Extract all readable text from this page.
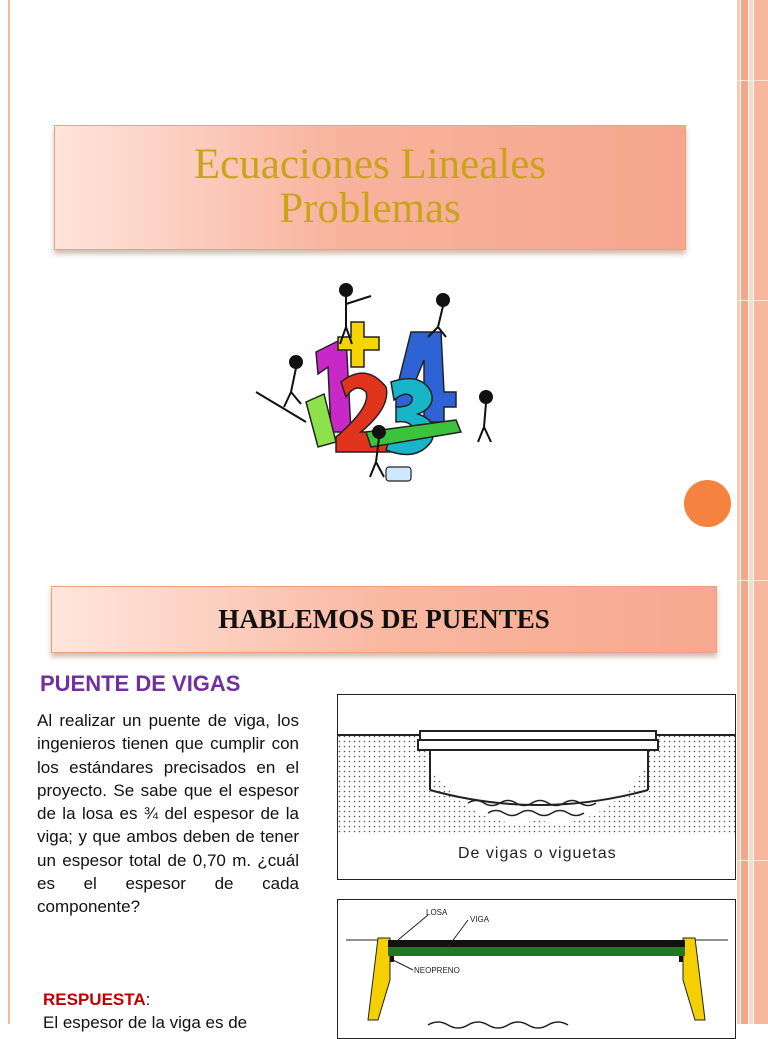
Ecuaciones Lineales
Problemas
HABLEMOS DE PUENTES
PUENTE DE VIGAS
Al realizar un puente de viga, los ingenieros tienen que cumplir con los estándares precisados en el proyecto. Se sabe que el espesor de la losa es ¾ del espesor de la viga; y que ambos deben de tener un espesor total de 0,70 m. ¿cuál es el espesor de cada componente?
RESPUESTA:
El espesor de la viga es de
De vigas o viguetas
LOSA
VIGA
NEOPRENO
